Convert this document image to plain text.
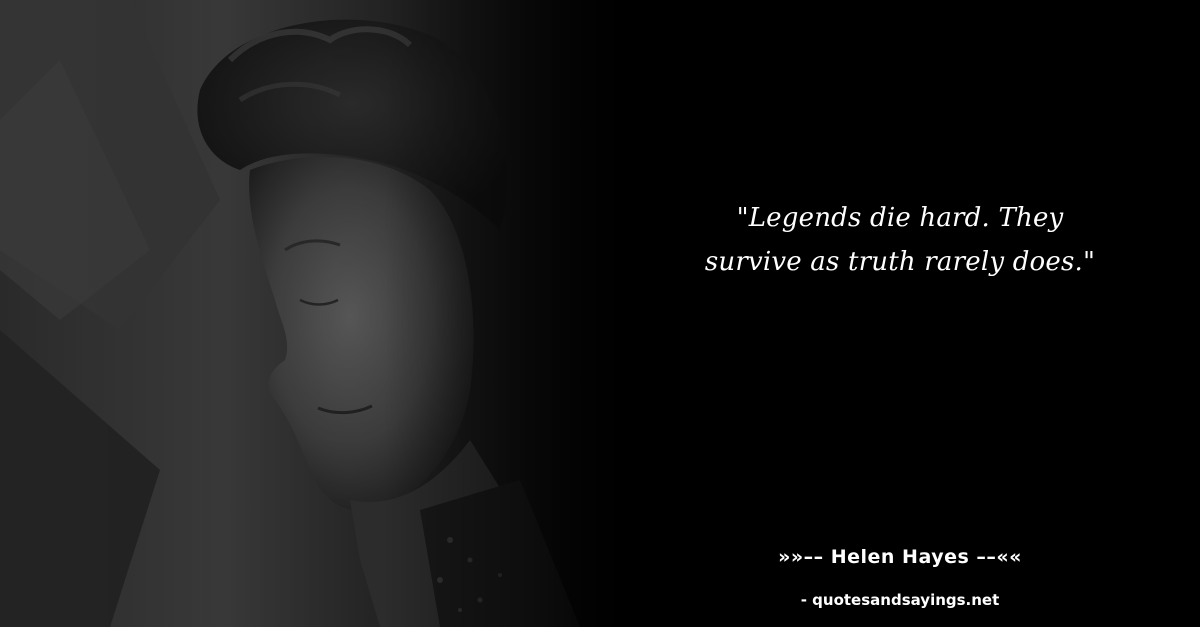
"Legends die hard. They survive as truth rarely does."

»»–– Helen Hayes ––««

- quotesandsayings.net
